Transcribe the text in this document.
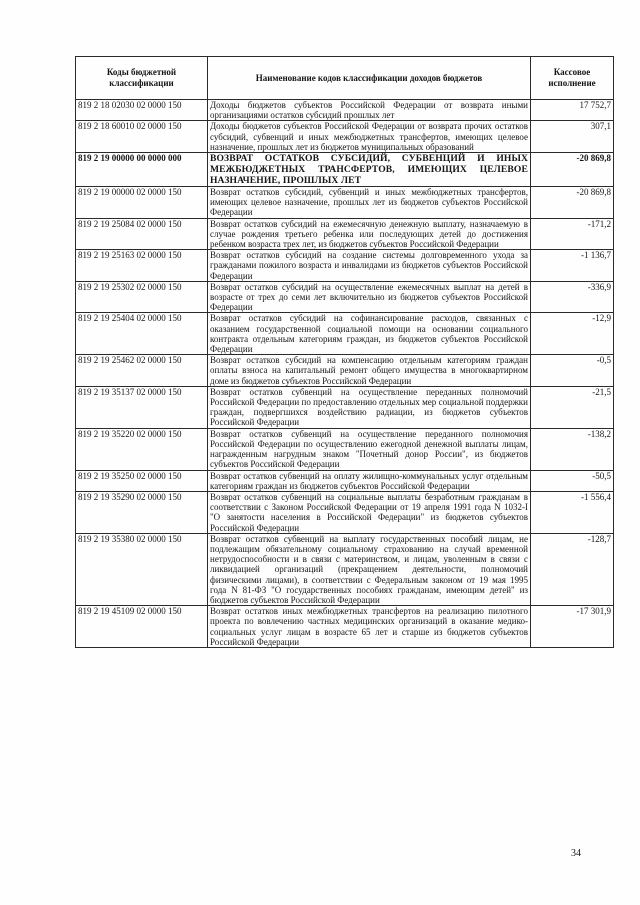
Коды бюджетной классификации	Наименование кодов классификации доходов бюджетов	Кассовое исполнение
819 2 18 02030 02 0000 150	Доходы бюджетов субъектов Российской Федерации от возврата иными организациями остатков субсидий прошлых лет	17 752,7
819 2 18 60010 02 0000 150	Доходы бюджетов субъектов Российской Федерации от возврата прочих остатков субсидий, субвенций и иных межбюджетных трансфертов, имеющих целевое назначение, прошлых лет из бюджетов муниципальных образований	307,1
819 2 19 00000 00 0000 000	ВОЗВРАТ ОСТАТКОВ СУБСИДИЙ, СУБВЕНЦИЙ И ИНЫХ МЕЖБЮДЖЕТНЫХ ТРАНСФЕРТОВ, ИМЕЮЩИХ ЦЕЛЕВОЕ НАЗНАЧЕНИЕ, ПРОШЛЫХ ЛЕТ	-20 869,8
819 2 19 00000 02 0000 150	Возврат остатков субсидий, субвенций и иных межбюджетных трансфертов, имеющих целевое назначение, прошлых лет из бюджетов субъектов Российской Федерации	-20 869,8
819 2 19 25084 02 0000 150	Возврат остатков субсидий на ежемесячную денежную выплату, назначаемую в случае рождения третьего ребенка или последующих детей до достижения ребенком возраста трех лет, из бюджетов субъектов Российской Федерации	-171,2
819 2 19 25163 02 0000 150	Возврат остатков субсидий на создание системы долговременного ухода за гражданами пожилого возраста и инвалидами из бюджетов субъектов Российской Федерации	-1 136,7
819 2 19 25302 02 0000 150	Возврат остатков субсидий на осуществление ежемесячных выплат на детей в возрасте от трех до семи лет включительно из бюджетов субъектов Российской Федерации	-336,9
819 2 19 25404 02 0000 150	Возврат остатков субсидий на софинансирование расходов, связанных с оказанием государственной социальной помощи на основании социального контракта отдельным категориям граждан, из бюджетов субъектов Российской Федерации	-12,9
819 2 19 25462 02 0000 150	Возврат остатков субсидий на компенсацию отдельным категориям граждан оплаты взноса на капитальный ремонт общего имущества в многоквартирном доме из бюджетов субъектов Российской Федерации	-0,5
819 2 19 35137 02 0000 150	Возврат остатков субвенций на осуществление переданных полномочий Российской Федерации по предоставлению отдельных мер социальной поддержки граждан, подвергшихся воздействию радиации, из бюджетов субъектов Российской Федерации	-21,5
819 2 19 35220 02 0000 150	Возврат остатков субвенций на осуществление переданного полномочия Российской Федерации по осуществлению ежегодной денежной выплаты лицам, награжденным нагрудным знаком "Почетный донор России", из бюджетов субъектов Российской Федерации	-138,2
819 2 19 35250 02 0000 150	Возврат остатков субвенций на оплату жилищно-коммунальных услуг отдельным категориям граждан из бюджетов субъектов Российской Федерации	-50,5
819 2 19 35290 02 0000 150	Возврат остатков субвенций на социальные выплаты безработным гражданам в соответствии с Законом Российской Федерации от 19 апреля 1991 года N 1032-I "О занятости населения в Российской Федерации" из бюджетов субъектов Российской Федерации	-1 556,4
819 2 19 35380 02 0000 150	Возврат остатков субвенций на выплату государственных пособий лицам, не подлежащим обязательному социальному страхованию на случай временной нетрудоспособности и в связи с материнством, и лицам, уволенным в связи с ликвидацией организаций (прекращением деятельности, полномочий физическими лицами), в соответствии с Федеральным законом от 19 мая 1995 года N 81-ФЗ "О государственных пособиях гражданам, имеющим детей" из бюджетов субъектов Российской Федерации	-128,7
819 2 19 45109 02 0000 150	Возврат остатков иных межбюджетных трансфертов на реализацию пилотного проекта по вовлечению частных медицинских организаций в оказание медико-социальных услуг лицам в возрасте 65 лет и старше из бюджетов субъектов Российской Федерации	-17 301,9
34
